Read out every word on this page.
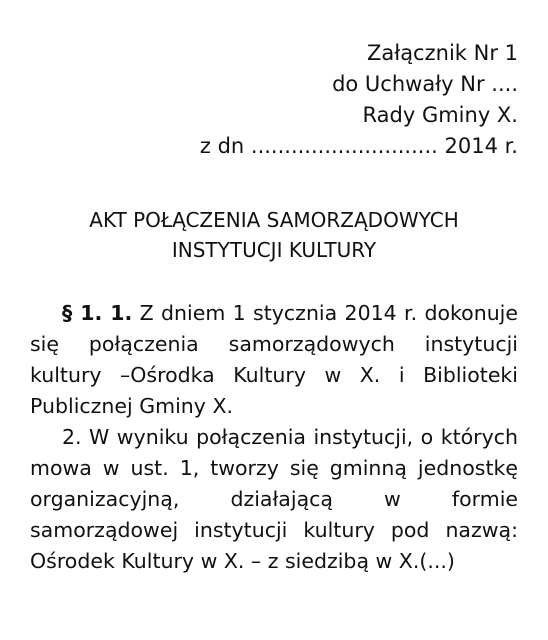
Załącznik Nr 1
do Uchwały Nr ....
Rady Gminy X.
z dn ............................ 2014 r.
AKT POŁĄCZENIA SAMORZĄDOWYCH
INSTYTUCJI KULTURY

§ 1. 1. Z dniem 1 stycznia 2014 r. dokonuje się połączenia samorządowych instytucji kultury –Ośrodka Kultury w X. i Biblioteki Publicznej Gminy X.

2. W wyniku połączenia instytucji, o których mowa w ust. 1, tworzy się gminną jednostkę organizacyjną, działającą w formie samorządowej instytucji kultury pod nazwą: Ośrodek Kultury w X. – z siedzibą w X.(...)
